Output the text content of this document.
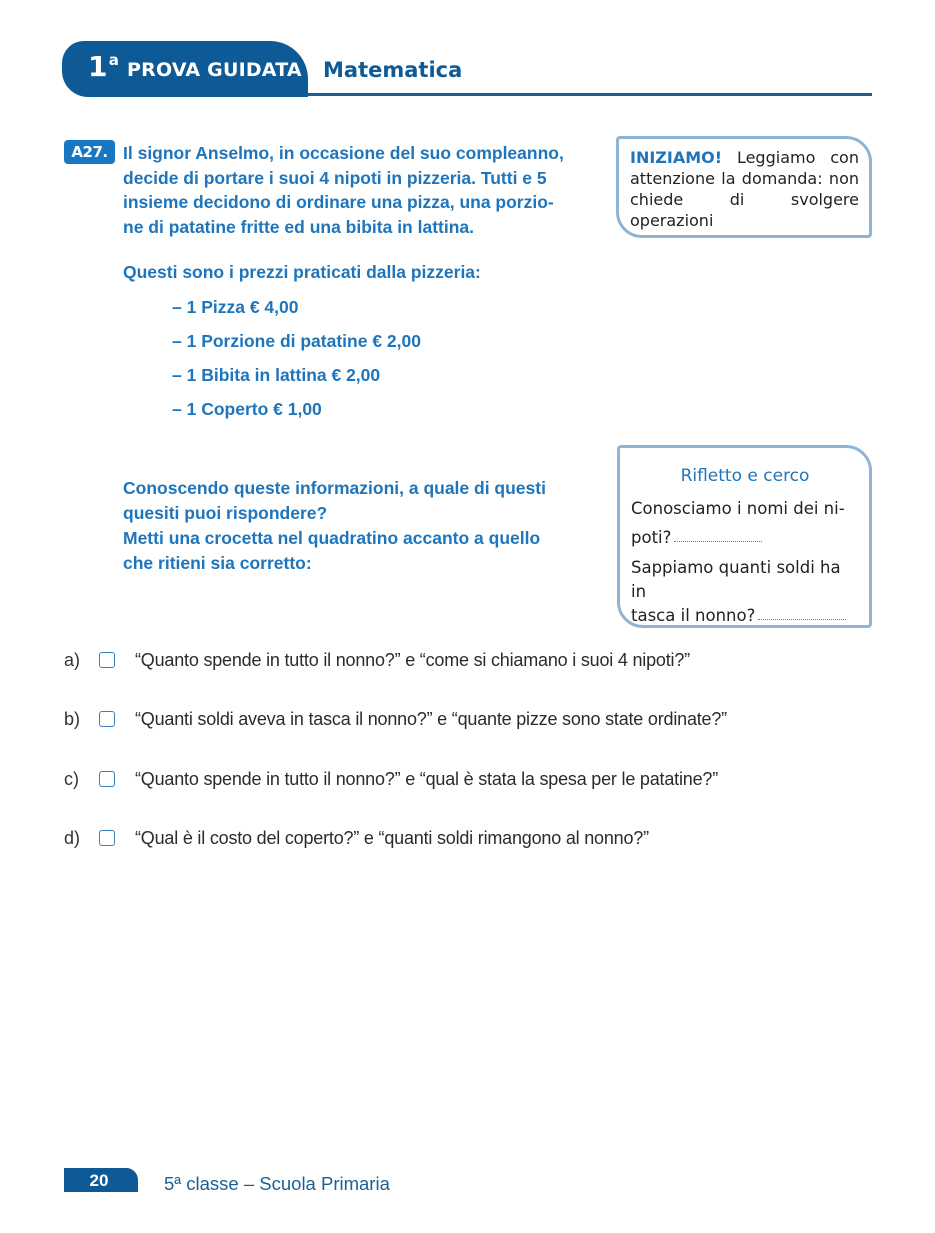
1$^a$ PROVA GUIDATA Matematica
A27. Il signor Anselmo, in occasione del suo compleanno,
decide di portare i suoi 4 nipoti in pizzeria. Tutti e 5
insieme decidono di ordinare una pizza, una porzio-
ne di patatine fritte ed una bibita in lattina.
Questi sono i prezzi praticati dalla pizzeria:
– 1 Pizza € 4,00
– 1 Porzione di patatine € 2,00
– 1 Bibita in lattina € 2,00
– 1 Coperto € 1,00
Conoscendo queste informazioni, a quale di questi
quesiti puoi rispondere?
Metti una crocetta nel quadratino accanto a quello
che ritieni sia corretto:
INIZIAMO! Leggiamo con attenzione la domanda: non chiede di svolgere operazioni
Rifletto e cerco
Conosciamo i nomi dei ni-
poti?
Sappiamo quanti soldi ha in
tasca il nonno?
a)	“Quanto spende in tutto il nonno?” e “come si chiamano i suoi 4 nipoti?”
b)	“Quanti soldi aveva in tasca il nonno?” e “quante pizze sono state ordinate?”
c)	“Quanto spende in tutto il nonno?” e “qual è stata la spesa per le patatine?”
d)	“Qual è il costo del coperto?” e “quanti soldi rimangono al nonno?”
20	5ª classe – Scuola Primaria
